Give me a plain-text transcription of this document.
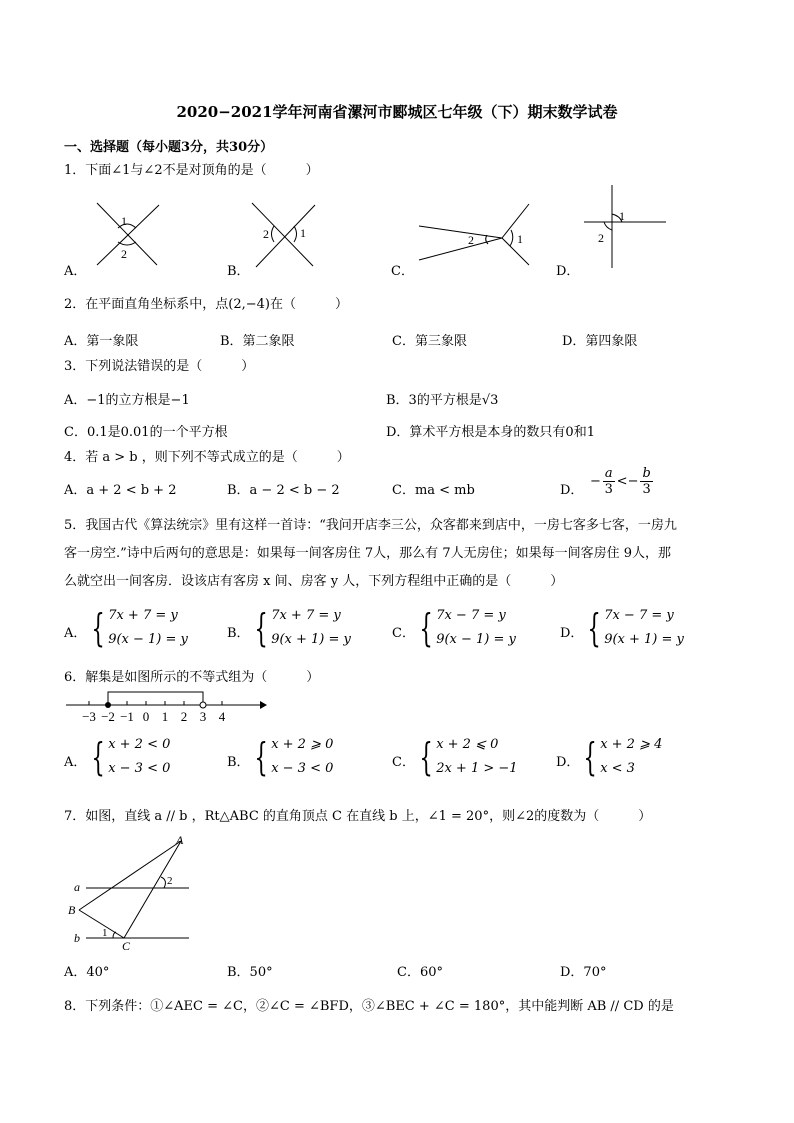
2020−2021学年河南省漯河市郾城区七年级（下）期末数学试卷
一、选择题（每小题3分，共30分）
1．下面∠1与∠2不是对顶角的是（　　　）
1
2
2	1	2	1
1
2
A．	B．	C．	D．
2．在平面直角坐标系中，点(2,−4)在（　　　）
A．第一象限	B．第二象限	C．第三象限	D．第四象限
3．下列说法错误的是（　　　）
A．−1的立方根是−1	B．3的平方根是√3
C．0.1是0.01的一个平方根	D．算术平方根是本身的数只有0和1
4．若 a > b ，则下列不等式成立的是（　　　）
A．a + 2 < b + 2	B．a − 2 < b − 2	C．ma < mb	D．
− $\frac{a}{3} <- \frac{b}{3}$
5．我国古代《算法统宗》里有这样一首诗：“我问开店李三公，众客都来到店中，一房七客多七客，一房九
客一房空.”诗中后两句的意思是：如果每一间客房住 7人，那么有 7人无房住；如果每一间客房住 9人，那
么就空出一间客房．设该店有客房 x 间、房客 y 人，下列方程组中正确的是（　　　）
A． { 7x + 7 = y
9(x − 1) = y	B． { 7x + 7 = y
9(x + 1) = y	C． { 7x − 7 = y
9(x − 1) = y	D． { 7x − 7 = y
9(x + 1) = y
6．解集是如图所示的不等式组为（　　　）
−3 −2 −1 0 1 2 3 4
A． { x + 2 < 0
x − 3 < 0	B． { x + 2 ⩾ 0
x − 3 < 0	C． { x + 2 ⩽ 0
2x + 1 > −1	D． { x + 2 ⩾ 4
x < 3
7．如图，直线 a // b ，Rt△ABC 的直角顶点 C 在直线 b 上，∠1 = 20°，则∠2的度数为（　　　）
A
B
C
a
b 1
2
A．40°	B．50°	C．60°	D．70°
8．下列条件：①∠AEC = ∠C，②∠C = ∠BFD，③∠BEC + ∠C = 180°，其中能判断 AB // CD 的是
